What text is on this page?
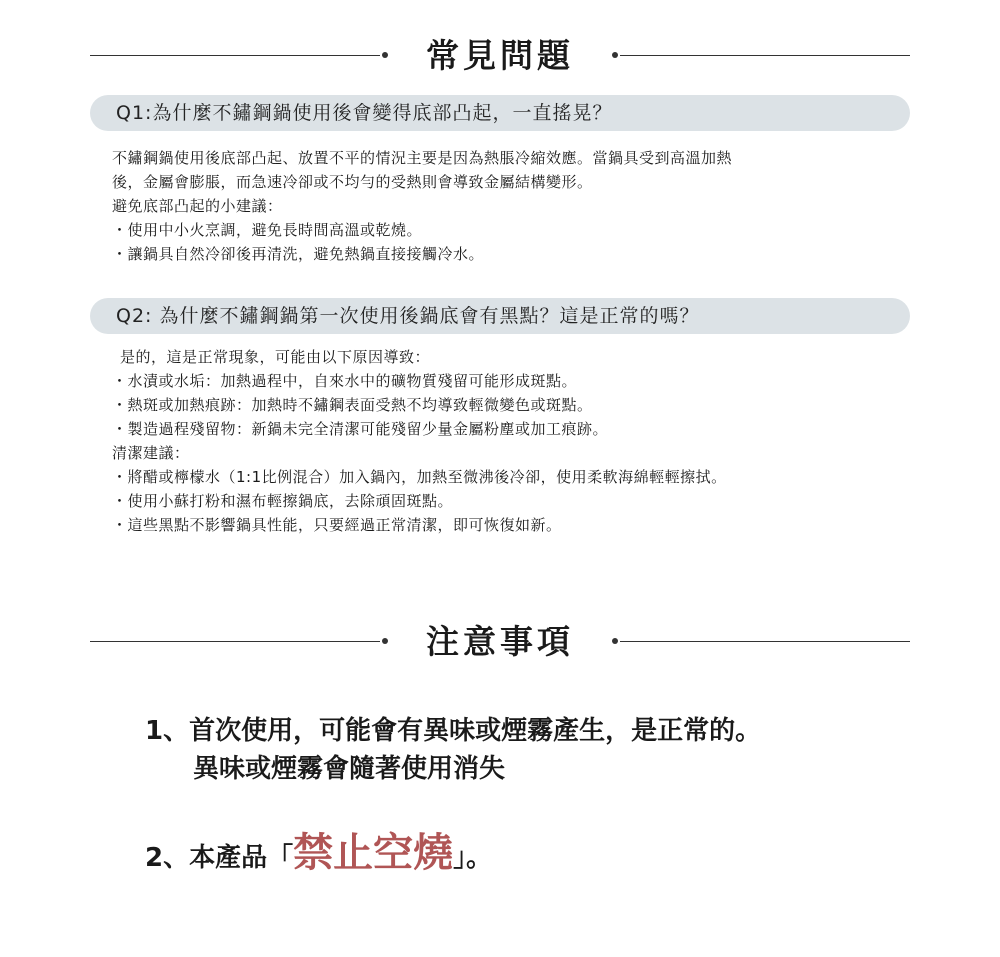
常見問題
Q1:為什麼不鏽鋼鍋使用後會變得底部凸起，一直搖晃？

不鏽鋼鍋使用後底部凸起、放置不平的情況主要是因為熱脹冷縮效應。當鍋具受到高溫加熱

後，金屬會膨脹，而急速冷卻或不均勻的受熱則會導致金屬結構變形。

避免底部凸起的小建議：

・ 使用中小火烹調，避免長時間高溫或乾燒。

・ 讓鍋具自然冷卻後再清洗，避免熱鍋直接接觸冷水。

Q2: 為什麼不鏽鋼鍋第一次使用後鍋底會有黑點？這是正常的嗎？

是的，這是正常現象，可能由以下原因導致：

・ 水漬或水垢：加熱過程中，自來水中的礦物質殘留可能形成斑點。

・ 熱斑或加熱痕跡：加熱時不鏽鋼表面受熱不均導致輕微變色或斑點。

・ 製造過程殘留物：新鍋未完全清潔可能殘留少量金屬粉塵或加工痕跡。

清潔建議：

・ 將醋或檸檬水（1:1比例混合）加入鍋內，加熱至微沸後冷卻，使用柔軟海綿輕輕擦拭。

・ 使用小蘇打粉和濕布輕擦鍋底，去除頑固斑點。

・ 這些黑點不影響鍋具性能，只要經過正常清潔，即可恢復如新。

注意事項
1、首次使用，可能會有異味或煙霧產生，是正常的。
異味或煙霧會隨著使用消失
2、本產品「禁止空燒」。
